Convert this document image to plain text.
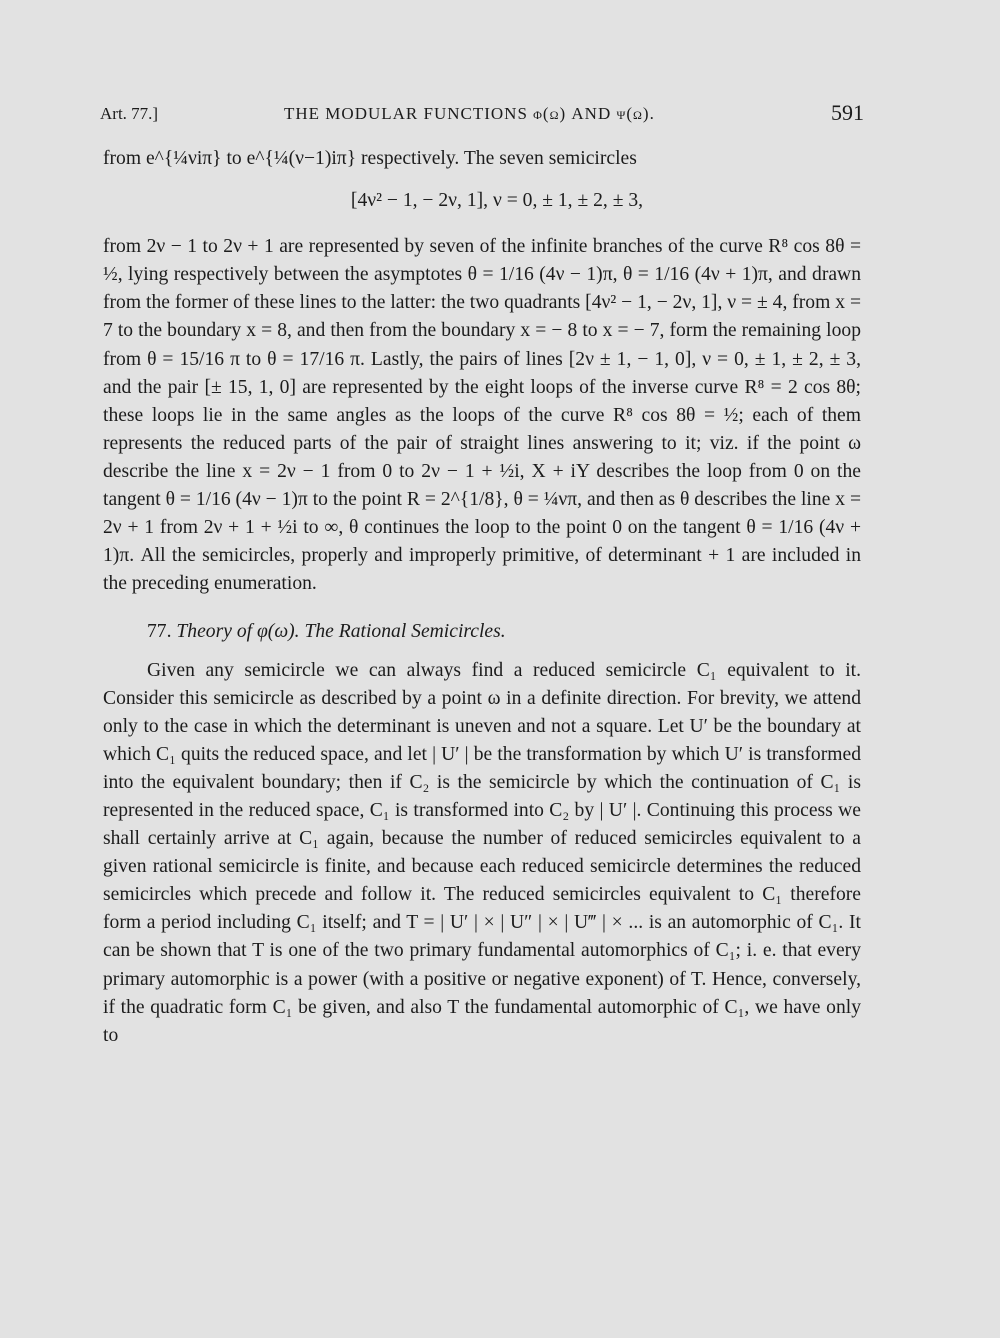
Art. 77.]	THE MODULAR FUNCTIONS φ(ω) AND ψ(ω).	591

from e^{¼νiπ} to e^{¼(ν−1)iπ} respectively. The seven semicircles

[4ν² − 1, − 2ν, 1], ν = 0, ± 1, ± 2, ± 3,

from 2ν − 1 to 2ν + 1 are represented by seven of the infinite branches of the curve R⁸ cos 8θ = ½, lying respectively between the asymptotes θ = 1/16 (4ν − 1)π, θ = 1/16 (4ν + 1)π, and drawn from the former of these lines to the latter: the two quadrants [4ν² − 1, − 2ν, 1], ν = ± 4, from x = 7 to the boundary x = 8, and then from the boundary x = − 8 to x = − 7, form the remaining loop from θ = 15/16 π to θ = 17/16 π. Lastly, the pairs of lines [2ν ± 1, − 1, 0], ν = 0, ± 1, ± 2, ± 3, and the pair [± 15, 1, 0] are represented by the eight loops of the inverse curve R⁸ = 2 cos 8θ; these loops lie in the same angles as the loops of the curve R⁸ cos 8θ = ½; each of them represents the reduced parts of the pair of straight lines answering to it; viz. if the point ω describe the line x = 2ν − 1 from 0 to 2ν − 1 + ½i, X + iY describes the loop from 0 on the tangent θ = 1/16 (4ν − 1)π to the point R = 2^{1/8}, θ = ¼νπ, and then as θ describes the line x = 2ν + 1 from 2ν + 1 + ½i to ∞, θ continues the loop to the point 0 on the tangent θ = 1/16 (4ν + 1)π. All the semicircles, properly and improperly primitive, of determinant + 1 are included in the preceding enumeration.

77. Theory of φ(ω). The Rational Semicircles.

Given any semicircle we can always find a reduced semicircle C₁ equivalent to it. Consider this semicircle as described by a point ω in a definite direction. For brevity, we attend only to the case in which the determinant is uneven and not a square. Let U′ be the boundary at which C₁ quits the reduced space, and let | U′ | be the transformation by which U′ is transformed into the equivalent boundary; then if C₂ is the semicircle by which the continuation of C₁ is represented in the reduced space, C₁ is transformed into C₂ by | U′ |. Continuing this process we shall certainly arrive at C₁ again, because the number of reduced semicircles equivalent to a given rational semicircle is finite, and because each reduced semicircle determines the reduced semicircles which precede and follow it. The reduced semicircles equivalent to C₁ therefore form a period including C₁ itself; and T = | U′ | × | U″ | × | U‴ | × ... is an automorphic of C₁. It can be shown that T is one of the two primary fundamental automorphics of C₁; i. e. that every primary automorphic is a power (with a positive or negative exponent) of T. Hence, conversely, if the quadratic form C₁ be given, and also T the fundamental automorphic of C₁, we have only to
